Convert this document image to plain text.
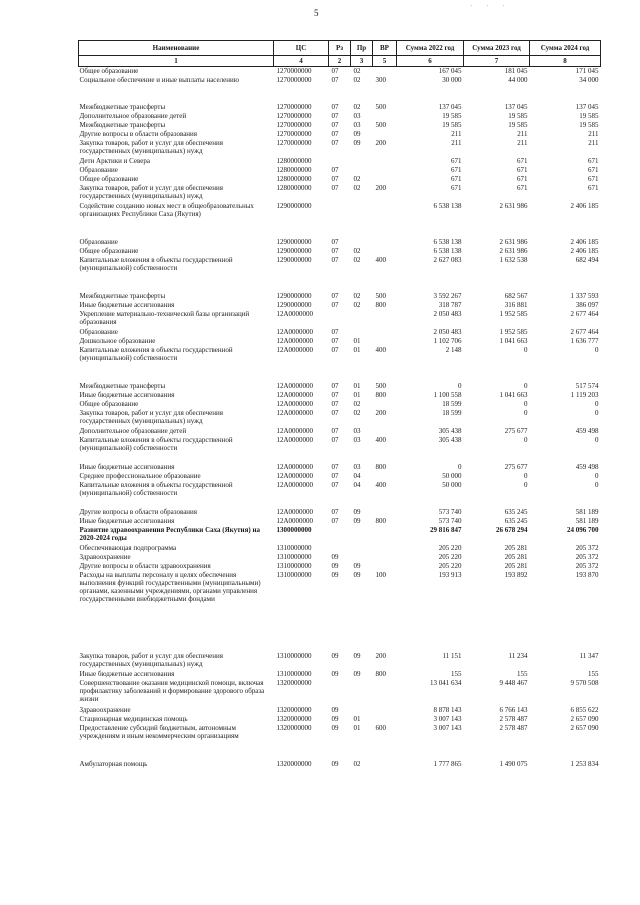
5
· · ·
Наименование	ЦС	Рз	Пр	ВР	Сумма 2022 год	Сумма 2023 год	Сумма 2024 год
1	4	2	3	5	6	7	8
Общее образование	1270000000	07	02		167 045	181 045	171 045
Социальное обеспечение и иные выплаты населению	1270000000	07	02	300	30 000	44 000	34 000
Межбюджетные трансферты	1270000000	07	02	500	137 045	137 045	137 045
Дополнительное образование детей	1270000000	07	03		19 585	19 585	19 585
Межбюджетные трансферты	1270000000	07	03	500	19 585	19 585	19 585
Другие вопросы в области образования	1270000000	07	09		211	211	211
Закупка товаров, работ и услуг для обеспечения государственных (муниципальных) нужд	1270000000	07	09	200	211	211	211
Дети Арктики и Севера	1280000000				671	671	671
Образование	1280000000	07			671	671	671
Общее образование	1280000000	07	02		671	671	671
Закупка товаров, работ и услуг для обеспечения государственных (муниципальных) нужд	1280000000	07	02	200	671	671	671
Содействие созданию новых мест в общеобразовательных организациях Республики Саха (Якутия)	1290000000				6 538 138	2 631 986	2 406 185
Образование	1290000000	07			6 538 138	2 631 986	2 406 185
Общее образование	1290000000	07	02		6 538 138	2 631 986	2 406 185
Капитальные вложения в объекты государственной (муниципальной) собственности	1290000000	07	02	400	2 627 083	1 632 538	682 494
Межбюджетные трансферты	1290000000	07	02	500	3 592 267	682 567	1 337 593
Иные бюджетные ассигнования	1290000000	07	02	800	318 787	316 881	386 097
Укрепление материально-технической базы организаций образования	12А0000000				2 050 483	1 952 585	2 677 464
Образование	12А0000000	07			2 050 483	1 952 585	2 677 464
Дошкольное образование	12А0000000	07	01		1 102 706	1 041 663	1 636 777
Капитальные вложения в объекты государственной (муниципальной) собственности	12А0000000	07	01	400	2 148	0	0
Межбюджетные трансферты	12А0000000	07	01	500	0	0	517 574
Иные бюджетные ассигнования	12А0000000	07	01	800	1 100 558	1 041 663	1 119 203
Общее образование	12А0000000	07	02		18 599	0	0
Закупка товаров, работ и услуг для обеспечения государственных (муниципальных) нужд	12А0000000	07	02	200	18 599	0	0
Дополнительное образование детей	12А0000000	07	03		305 438	275 677	459 498
Капитальные вложения в объекты государственной (муниципальной) собственности	12А0000000	07	03	400	305 438	0	0
Иные бюджетные ассигнования	12А0000000	07	03	800	0	275 677	459 498
Среднее профессиональное образование	12А0000000	07	04		50 000	0	0
Капитальные вложения в объекты государственной (муниципальной) собственности	12А0000000	07	04	400	50 000	0	0
Другие вопросы в области образования	12А0000000	07	09		573 740	635 245	581 189
Иные бюджетные ассигнования	12А0000000	07	09	800	573 740	635 245	581 189
Развитие здравоохранения Республики Саха (Якутия) на 2020-2024 годы	1300000000				29 816 847	26 678 294	24 096 700
Обеспечивающая подпрограмма	1310000000				205 220	205 281	205 372
Здравоохранение	1310000000	09			205 220	205 281	205 372
Другие вопросы в области здравоохранения	1310000000	09	09		205 220	205 281	205 372
Расходы на выплаты персоналу в целях обеспечения выполнения функций государственными (муниципальными) органами, казенными учреждениями, органами управления государственными внебюджетными фондами	1310000000	09	09	100	193 913	193 892	193 870
Закупка товаров, работ и услуг для обеспечения государственных (муниципальных) нужд	1310000000	09	09	200	11 151	11 234	11 347
Иные бюджетные ассигнования	1310000000	09	09	800	155	155	155
Совершенствование оказания медицинской помощи, включая профилактику заболеваний и формирование здорового образа жизни	1320000000				13 041 634	9 448 467	9 570 508
Здравоохранение	1320000000	09			8 878 143	6 766 143	6 855 622
Стационарная медицинская помощь	1320000000	09	01		3 007 143	2 578 487	2 657 090
Предоставление субсидий бюджетным, автономным учреждениям и иным некоммерческим организациям	1320000000	09	01	600	3 007 143	2 578 487	2 657 090
Амбулаторная помощь	1320000000	09	02		1 777 865	1 490 075	1 253 834
